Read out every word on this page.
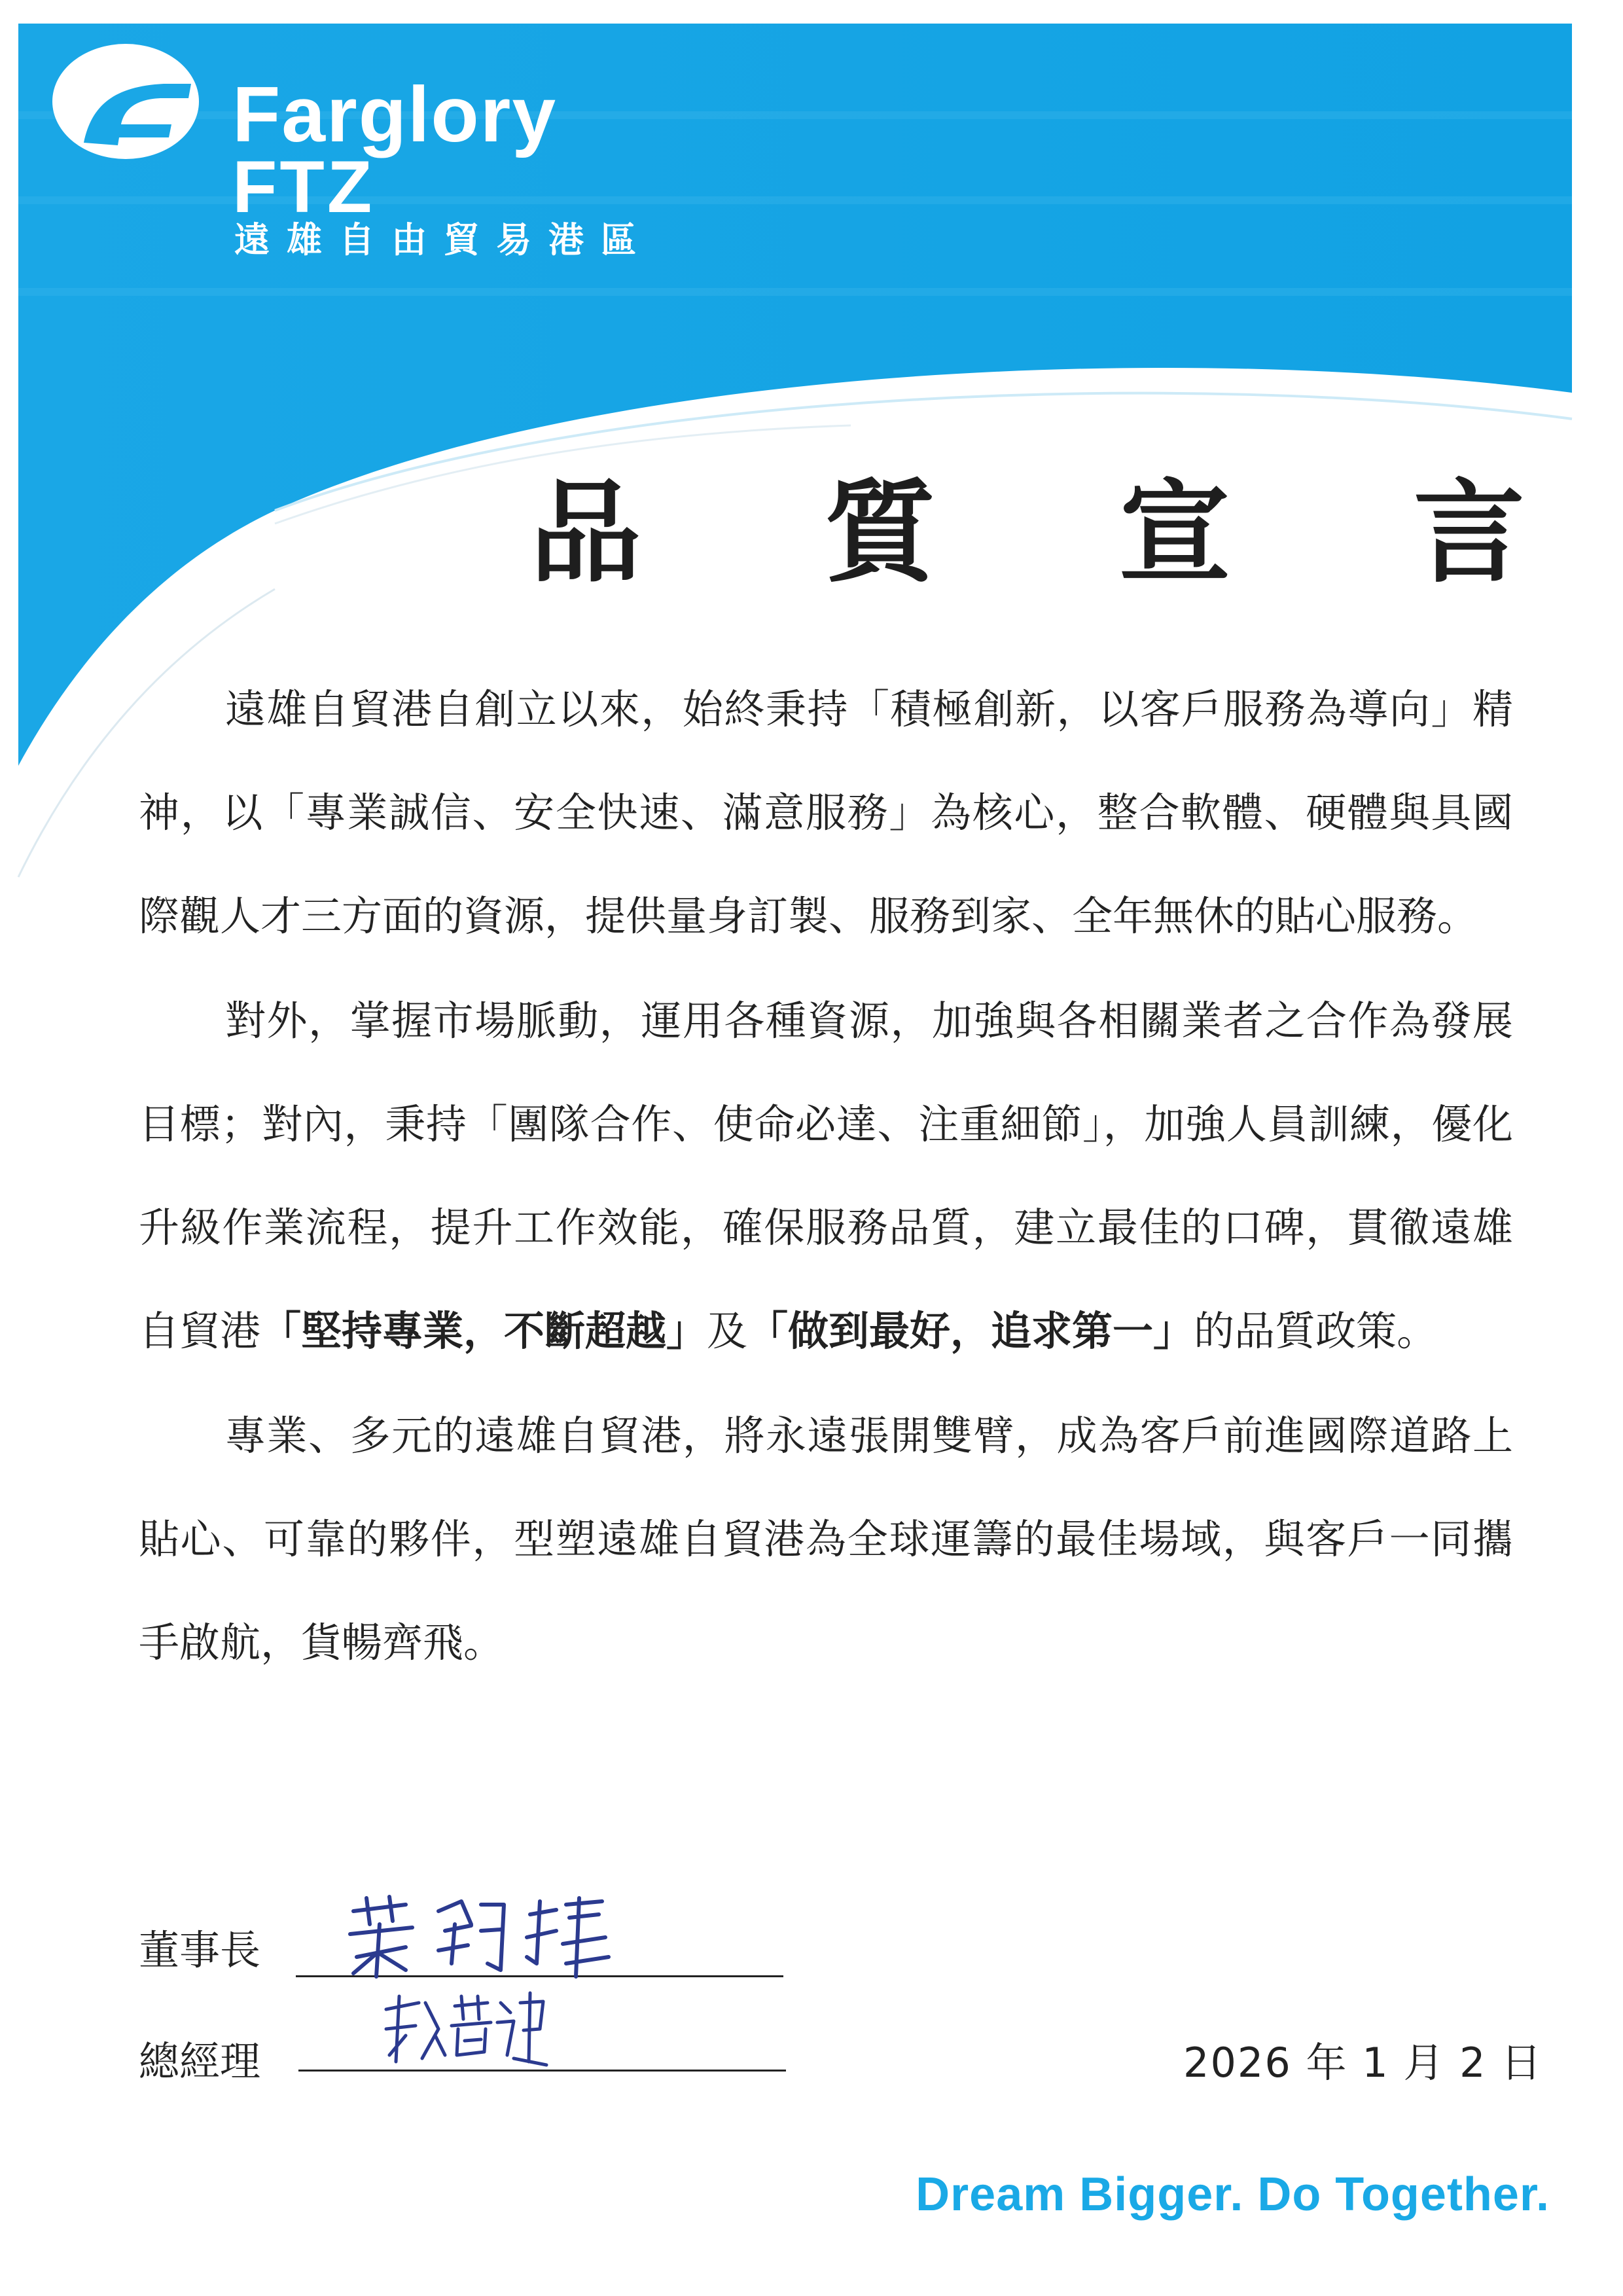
Farglory
FTZ
遠雄自由貿易港區
品 質 宣 言

遠雄自貿港自創立以來，始終秉持「積極創新，以客戶服務為導向」精神，以「專業誠信、安全快速、滿意服務」為核心，整合軟體、硬體與具國際觀人才三方面的資源，提供量身訂製、服務到家、全年無休的貼心服務。

對外，掌握市場脈動，運用各種資源，加強與各相關業者之合作為發展目標；對內，秉持「團隊合作、使命必達、注重細節」，加強人員訓練，優化升級作業流程，提升工作效能，確保服務品質，建立最佳的口碑，貫徹遠雄自貿港「堅持專業，不斷超越」及「做到最好，追求第一」的品質政策。

專業、多元的遠雄自貿港，將永遠張開雙臂，成為客戶前進國際道路上貼心、可靠的夥伴，型塑遠雄自貿港為全球運籌的最佳場域，與客戶一同攜手啟航，貨暢齊飛。

董事長
總經理	2026 年 1 月 2 日
Dream Bigger. Do Together.
